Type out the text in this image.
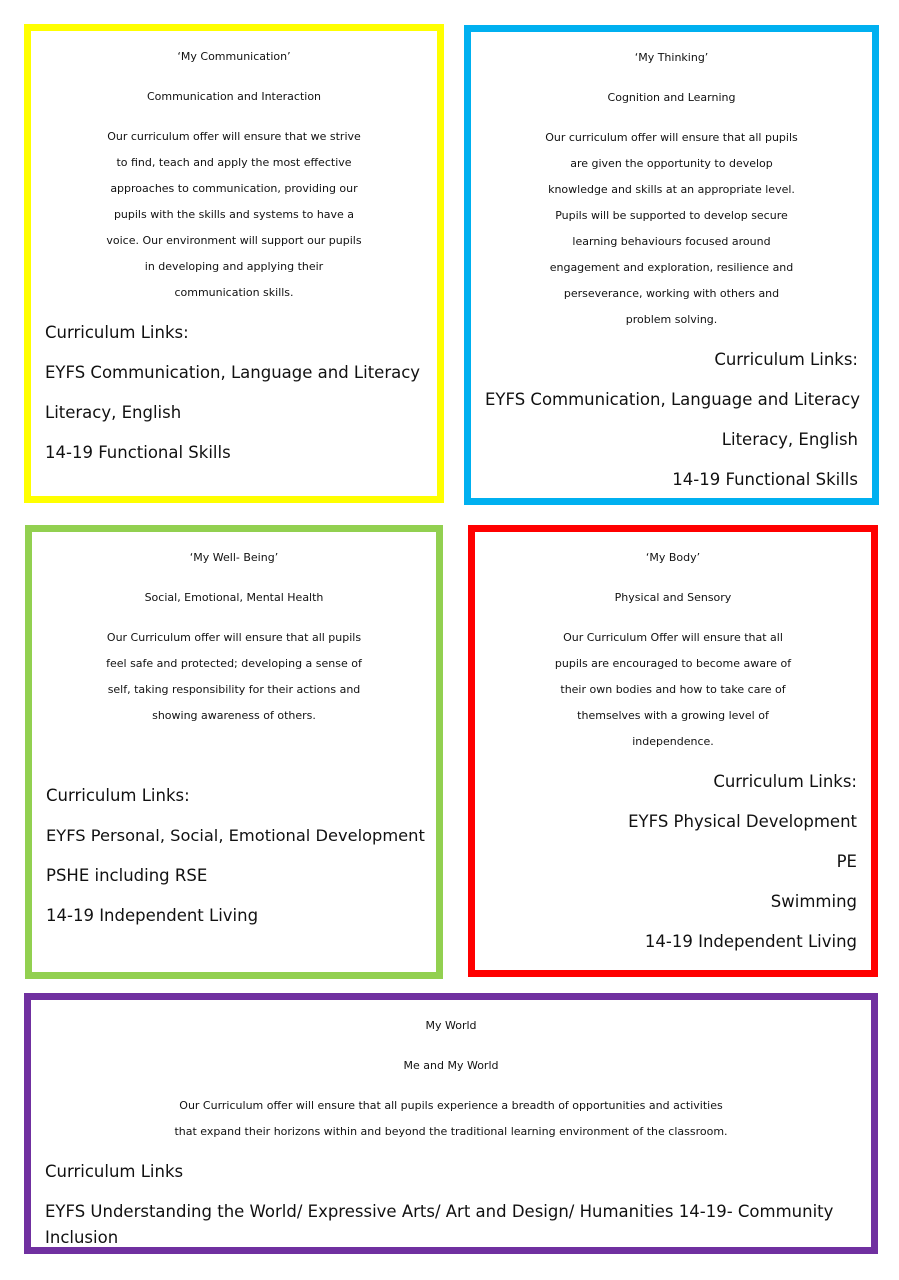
‘My Communication’
Communication and Interaction
Our curriculum offer will ensure that we strive
to find, teach and apply the most effective
approaches to communication, providing our
pupils with the skills and systems to have a
voice. Our environment will support our pupils
in developing and applying their
communication skills.
Curriculum Links:
EYFS Communication, Language and Literacy
Literacy, English
14-19 Functional Skills
‘My Thinking’
Cognition and Learning
Our curriculum offer will ensure that all pupils
are given the opportunity to develop
knowledge and skills at an appropriate level.
Pupils will be supported to develop secure
learning behaviours focused around
engagement and exploration, resilience and
perseverance, working with others and
problem solving.
Curriculum Links:
EYFS Communication, Language and Literacy
Literacy, English
14-19 Functional Skills
‘My Well- Being’
Social, Emotional, Mental Health
Our Curriculum offer will ensure that all pupils
feel safe and protected; developing a sense of
self, taking responsibility for their actions and
showing awareness of others.
Curriculum Links:
EYFS Personal, Social, Emotional Development
PSHE including RSE
14-19 Independent Living
‘My Body’
Physical and Sensory
Our Curriculum Offer will ensure that all
pupils are encouraged to become aware of
their own bodies and how to take care of
themselves with a growing level of
independence.
Curriculum Links:
EYFS Physical Development
PE
Swimming
14-19 Independent Living
My World
Me and My World
Our Curriculum offer will ensure that all pupils experience a breadth of opportunities and activities
that expand their horizons within and beyond the traditional learning environment of the classroom.
Curriculum Links
EYFS Understanding the World/ Expressive Arts/ Art and Design/ Humanities 14-19- Community
Inclusion
